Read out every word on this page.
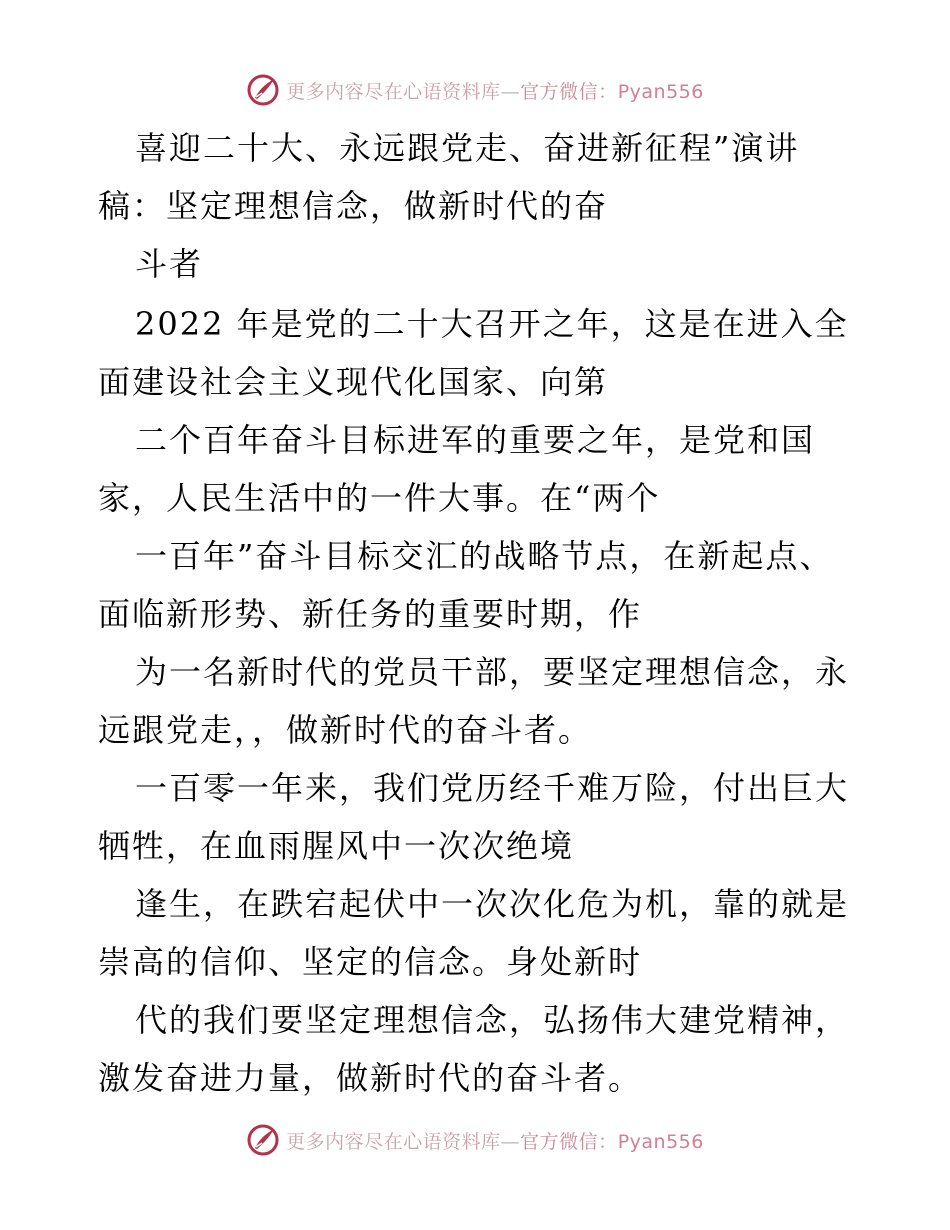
更多内容尽在心语资料库—官方微信：Pyan556
喜迎二十大、永远跟党走、奋进新征程”演讲
稿：坚定理想信念，做新时代的奋
斗者
2022 年是党的二十大召开之年，这是在进入全
面建设社会主义现代化国家、向第
二个百年奋斗目标进军的重要之年，是党和国
家，人民生活中的一件大事。在“两个
一百年”奋斗目标交汇的战略节点，在新起点、
面临新形势、新任务的重要时期，作
为一名新时代的党员干部，要坚定理想信念，永
远跟党走，，做新时代的奋斗者。
一百零一年来，我们党历经千难万险，付出巨大
牺牲，在血雨腥风中一次次绝境
逢生，在跌宕起伏中一次次化危为机，靠的就是
崇高的信仰、坚定的信念。身处新时
代的我们要坚定理想信念，弘扬伟大建党精神，
激发奋进力量，做新时代的奋斗者。
更多内容尽在心语资料库—官方微信：Pyan556
